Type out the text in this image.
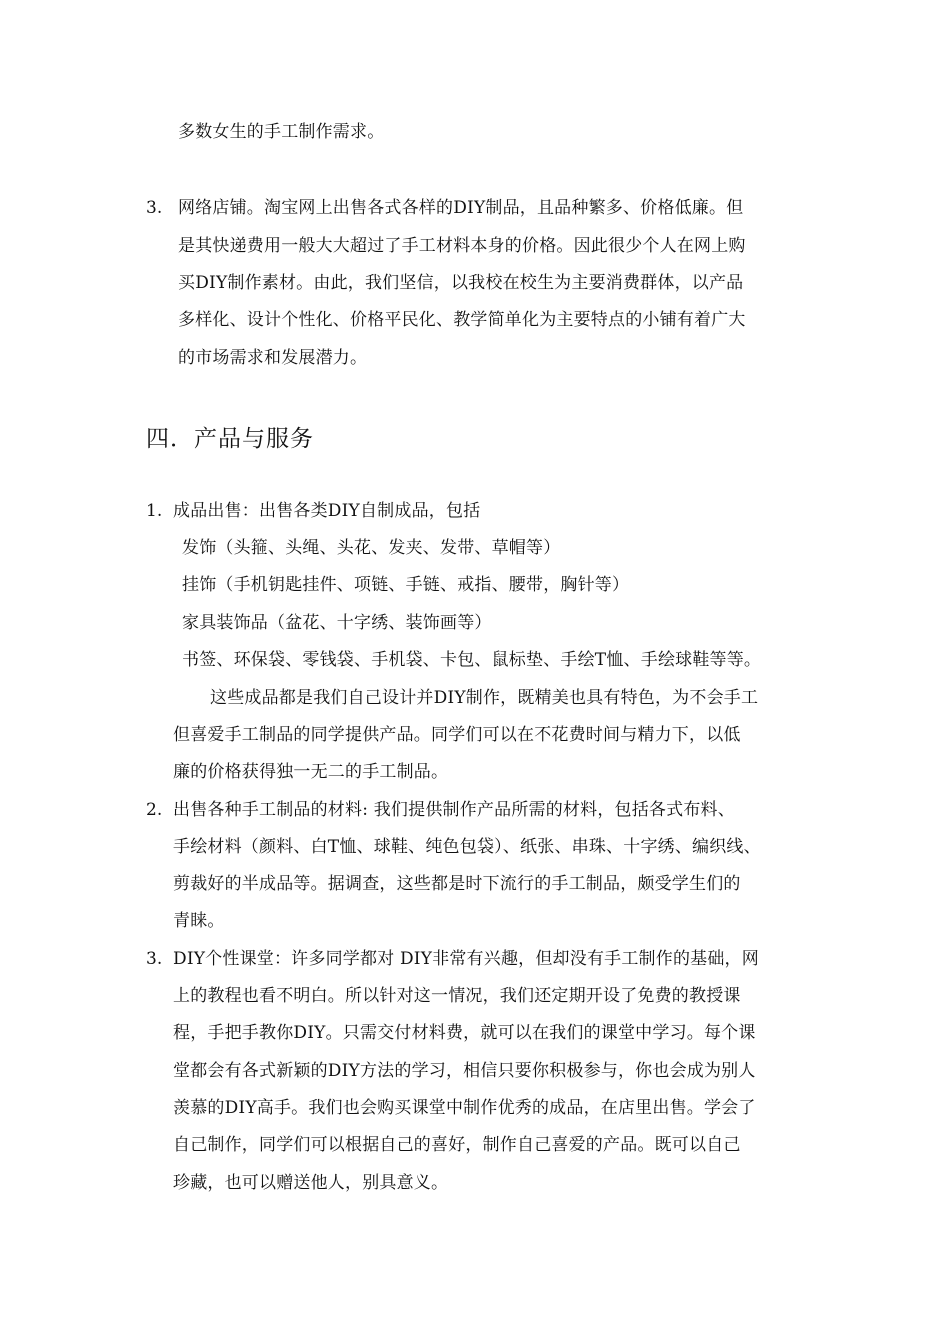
多数女生的手工制作需求。
3. 网络店铺。淘宝网上出售各式各样的DIY制品，且品种繁多、价格低廉。但
是其快递费用一般大大超过了手工材料本身的价格。因此很少个人在网上购
买DIY制作素材。由此，我们坚信，以我校在校生为主要消费群体，以产品
多样化、设计个性化、价格平民化、教学简单化为主要特点的小铺有着广大
的市场需求和发展潜力。
四．产品与服务
1. 成品出售：出售各类DIY自制成品，包括
发饰（头箍、头绳、头花、发夹、发带、草帽等）
挂饰（手机钥匙挂件、项链、手链、戒指、腰带，胸针等）
家具装饰品（盆花、十字绣、装饰画等）
书签、环保袋、零钱袋、手机袋、卡包、鼠标垫、手绘T恤、手绘球鞋等等。
这些成品都是我们自己设计并DIY制作，既精美也具有特色，为不会手工
但喜爱手工制品的同学提供产品。同学们可以在不花费时间与精力下，以低
廉的价格获得独一无二的手工制品。
2. 出售各种手工制品的材料: 我们提供制作产品所需的材料，包括各式布料、
手绘材料（颜料、白T恤、球鞋、纯色包袋）、纸张、串珠、十字绣、编织线、
剪裁好的半成品等。据调查，这些都是时下流行的手工制品，颇受学生们的
青睐。
3. DIY个性课堂：许多同学都对 DIY非常有兴趣，但却没有手工制作的基础，网
上的教程也看不明白。所以针对这一情况，我们还定期开设了免费的教授课
程，手把手教你DIY。只需交付材料费，就可以在我们的课堂中学习。每个课
堂都会有各式新颖的DIY方法的学习，相信只要你积极参与，你也会成为别人
羡慕的DIY高手。我们也会购买课堂中制作优秀的成品，在店里出售。学会了
自己制作，同学们可以根据自己的喜好，制作自己喜爱的产品。既可以自己
珍藏，也可以赠送他人，别具意义。
